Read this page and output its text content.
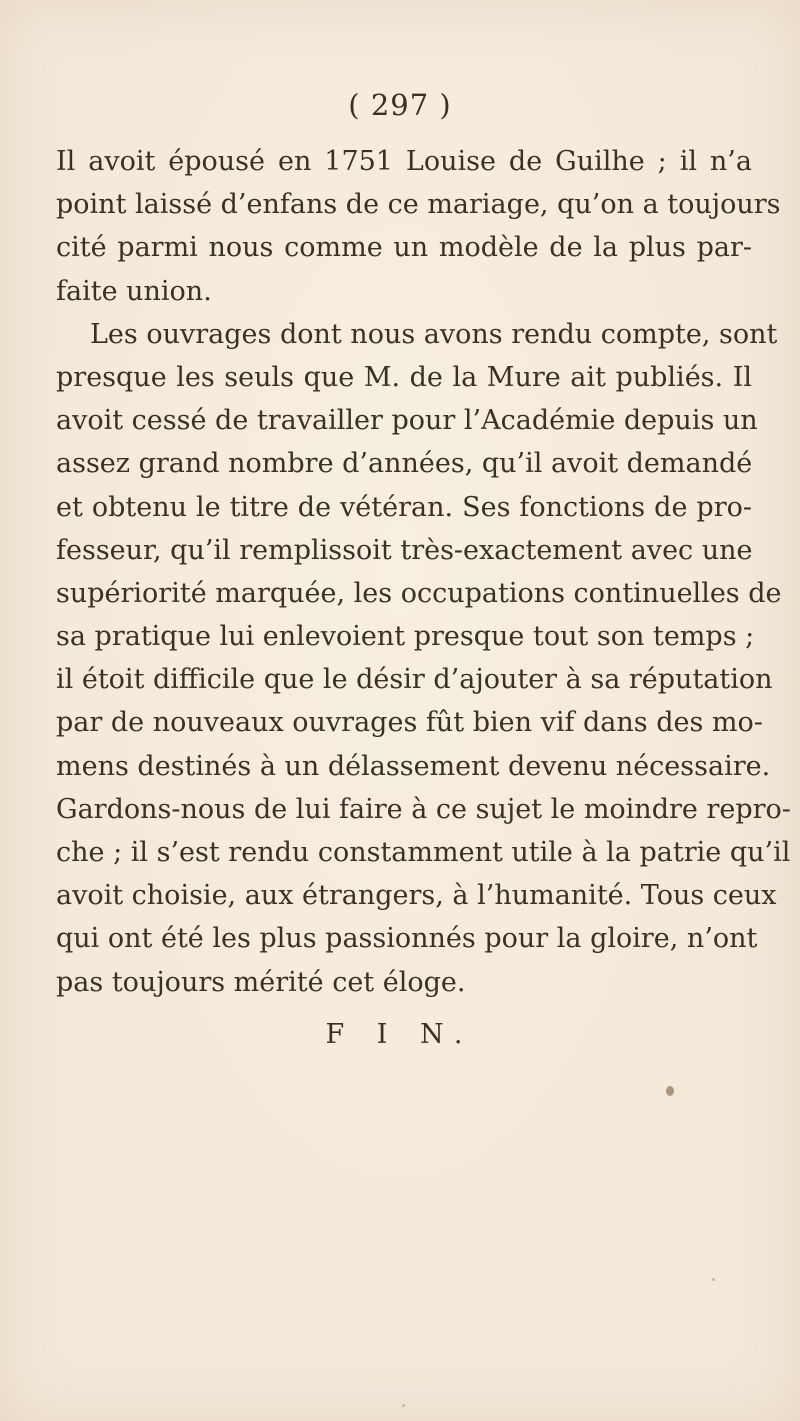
( 297 )
Il avoit épousé en 1751 Louise de Guilhe ; il n’a
point laissé d’enfans de ce mariage, qu’on a toujours
cité parmi nous comme un modèle de la plus par-
faite union.
Les ouvrages dont nous avons rendu compte, sont
presque les seuls que M. de la Mure ait publiés. Il
avoit cessé de travailler pour l’Académie depuis un
assez grand nombre d’années, qu’il avoit demandé
et obtenu le titre de vétéran. Ses fonctions de pro-
fesseur, qu’il remplissoit très-exactement avec une
supériorité marquée, les occupations continuelles de
sa pratique lui enlevoient presque tout son temps ;
il étoit difficile que le désir d’ajouter à sa réputation
par de nouveaux ouvrages fût bien vif dans des mo-
mens destinés à un délassement devenu nécessaire.
Gardons-nous de lui faire à ce sujet le moindre repro-
che ; il s’est rendu constamment utile à la patrie qu’il
avoit choisie, aux étrangers, à l’humanité. Tous ceux
qui ont été les plus passionnés pour la gloire, n’ont
pas toujours mérité cet éloge.
F I N.
